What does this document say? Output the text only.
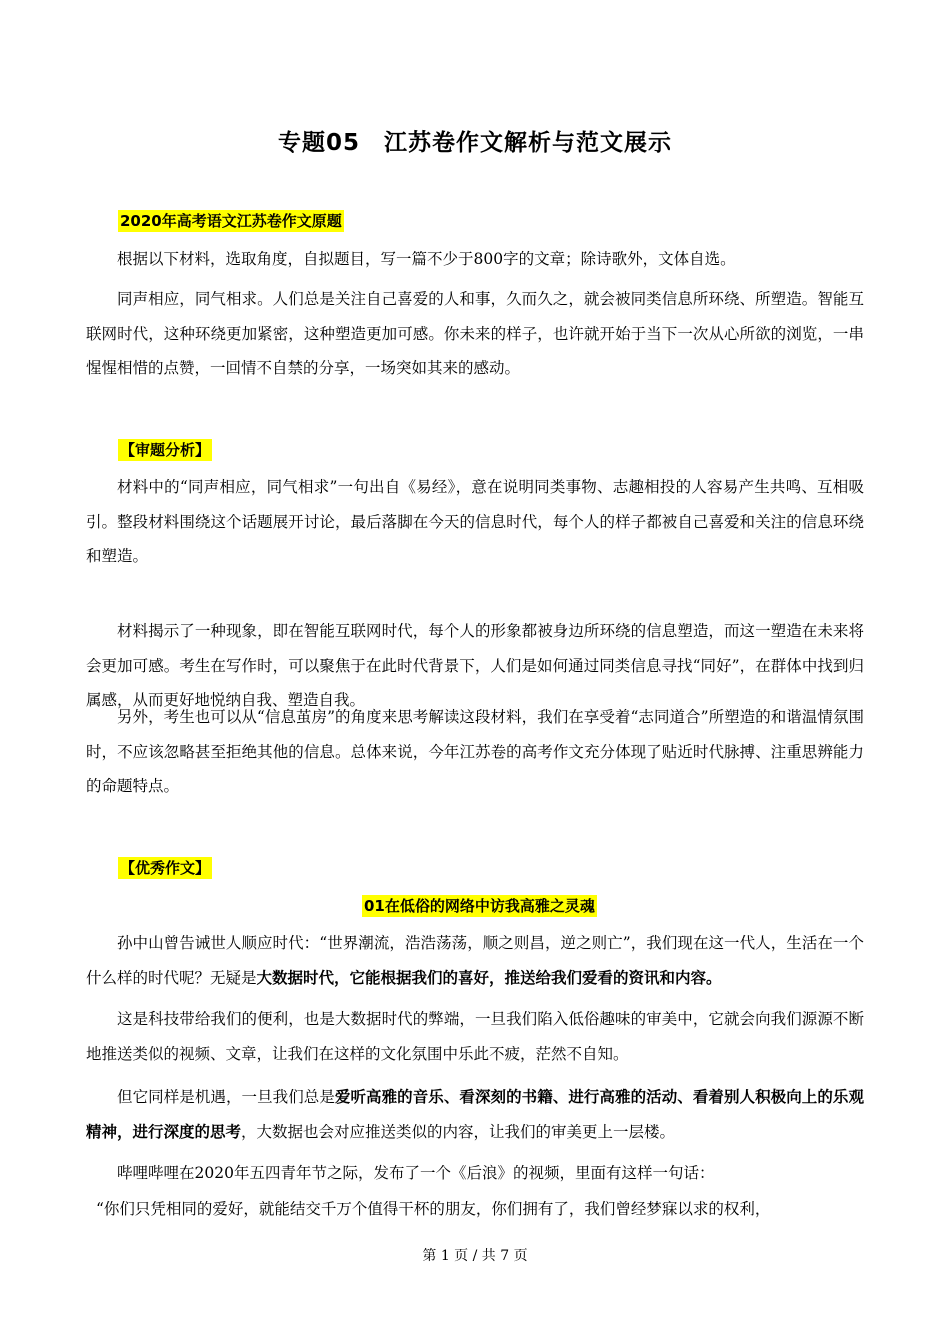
专题05　江苏卷作文解析与范文展示
2020年高考语文江苏卷作文原题
根据以下材料，选取角度，自拟题目，写一篇不少于800字的文章；除诗歌外，文体自选。
同声相应，同气相求。人们总是关注自己喜爱的人和事，久而久之，就会被同类信息所环绕、所塑造。智能互联网时代，这种环绕更加紧密，这种塑造更加可感。你未来的样子，也许就开始于当下一次从心所欲的浏览，一串惺惺相惜的点赞，一回情不自禁的分享，一场突如其来的感动。
【审题分析】
材料中的“同声相应，同气相求”一句出自《易经》，意在说明同类事物、志趣相投的人容易产生共鸣、互相吸引。整段材料围绕这个话题展开讨论，最后落脚在今天的信息时代，每个人的样子都被自己喜爱和关注的信息环绕和塑造。
材料揭示了一种现象，即在智能互联网时代，每个人的形象都被身边所环绕的信息塑造，而这一塑造在未来将会更加可感。考生在写作时，可以聚焦于在此时代背景下，人们是如何通过同类信息寻找“同好”，在群体中找到归属感，从而更好地悦纳自我、塑造自我。
另外，考生也可以从“信息茧房”的角度来思考解读这段材料，我们在享受着“志同道合”所塑造的和谐温情氛围时，不应该忽略甚至拒绝其他的信息。总体来说，今年江苏卷的高考作文充分体现了贴近时代脉搏、注重思辨能力的命题特点。
【优秀作文】
01在低俗的网络中访我高雅之灵魂
孙中山曾告诫世人顺应时代：“世界潮流，浩浩荡荡，顺之则昌，逆之则亡”，我们现在这一代人，生活在一个什么样的时代呢？无疑是大数据时代，它能根据我们的喜好，推送给我们爱看的资讯和内容。
这是科技带给我们的便利，也是大数据时代的弊端，一旦我们陷入低俗趣味的审美中，它就会向我们源源不断地推送类似的视频、文章，让我们在这样的文化氛围中乐此不疲，茫然不自知。
但它同样是机遇，一旦我们总是爱听高雅的音乐、看深刻的书籍、进行高雅的活动、看着别人积极向上的乐观精神，进行深度的思考，大数据也会对应推送类似的内容，让我们的审美更上一层楼。
哔哩哔哩在2020年五四青年节之际，发布了一个《后浪》的视频，里面有这样一句话：
“你们只凭相同的爱好，就能结交千万个值得干杯的朋友，你们拥有了，我们曾经梦寐以求的权利，
第 1 页 / 共 7 页
